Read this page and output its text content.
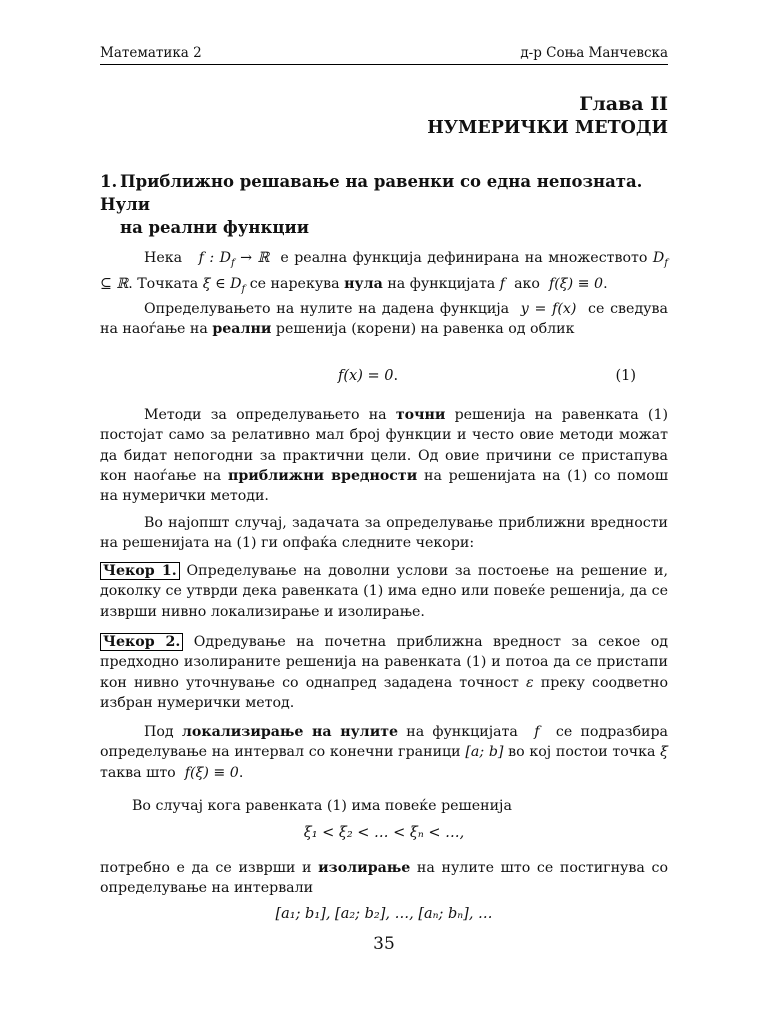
Математика 2	д-р Соња Манчевска
Глава II
НУМЕРИЧКИ МЕТОДИ
1. Приближно решавање на равенки со една непозната. Нули
на реални функции
Нека f : $D_f$ → ℝ е реална функција дефинирана на множеството $D_f$ ⊆ ℝ. Точката ξ ∈ $D_f$ се нарекува нула на функцијата f ако f(ξ) ≡ 0.
Определувањето на нулите на дадена функција y = f(x) се сведува на наоѓање на реални решенија (корени) на равенка од облик
f(x) = 0.	(1)
Методи за определувањето на точни решенија на равенката (1) постојат само за релативно мал број функции и често овие методи можат да бидат непогодни за практични цели. Од овие причини се пристапува кон наоѓање на приближни вредности на решенијата на (1) со помош на нумерички методи.
Во најопшт случај, задачата за определување приближни вредности на решенијата на (1) ги опфаќа следните чекори:
Чекор 1. Определување на доволни услови за постоење на решение и, доколку се утврди дека равенката (1) има едно или повеќе решенија, да се изврши нивно локализирање и изолирање.
Чекор 2. Одредување на почетна приближна вредност за секое од предходно изолираните решенија на равенката (1) и потоа да се пристапи кон нивно уточнување со однапред зададена точност ε преку соодветно избран нумерички метод.
Под локализирање на нулите на функцијата f се подразбира определување на интервал со конечни граници [a; b] во кој постои точка ξ таква што f(ξ) ≡ 0.
Во случај кога равенката (1) има повеќе решенија
ξ₁ < ξ₂ < … < ξₙ < …,
потребно е да се изврши и изолирање на нулите што се постигнува со определување на интервали
[a₁; b₁], [a₂; b₂], …, [aₙ; bₙ], …
35
